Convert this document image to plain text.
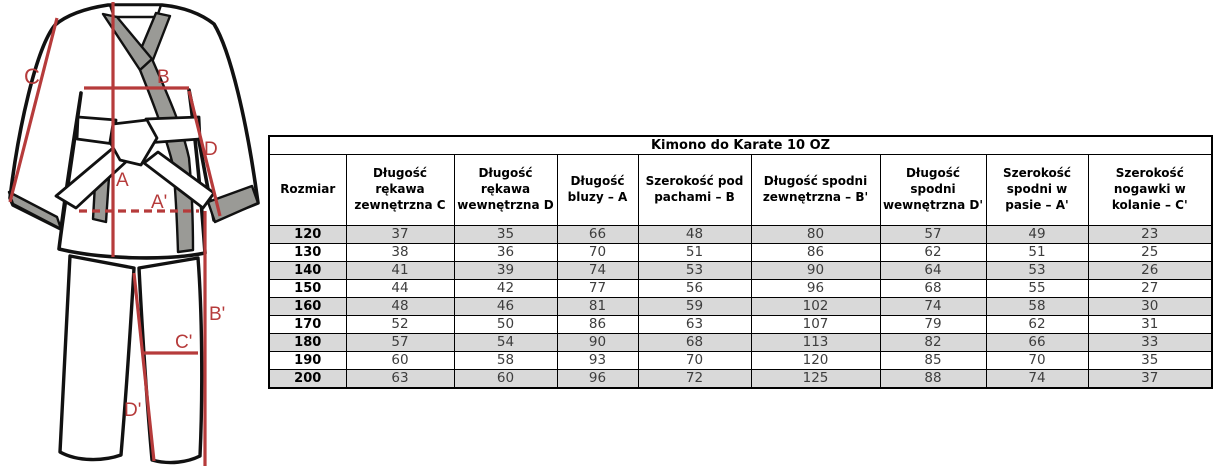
C	B
D
A
A'
B'
C'
D'
Kimono do Karate 10 OZ								
Rozmiar	Długość rękawa zewnętrzna C	Długość rękawa wewnętrzna D	Długość bluzy – A	Szerokość pod pachami – B	Długość spodni zewnętrzna – B'	Długość spodni wewnętrzna D'	Szerokość spodni w pasie – A'	Szerokość nogawki w kolanie – C'
120	37	35	66	48	80	57	49	23
130	38	36	70	51	86	62	51	25
140	41	39	74	53	90	64	53	26
150	44	42	77	56	96	68	55	27
160	48	46	81	59	102	74	58	30
170	52	50	86	63	107	79	62	31
180	57	54	90	68	113	82	66	33
190	60	58	93	70	120	85	70	35
200	63	60	96	72	125	88	74	37
